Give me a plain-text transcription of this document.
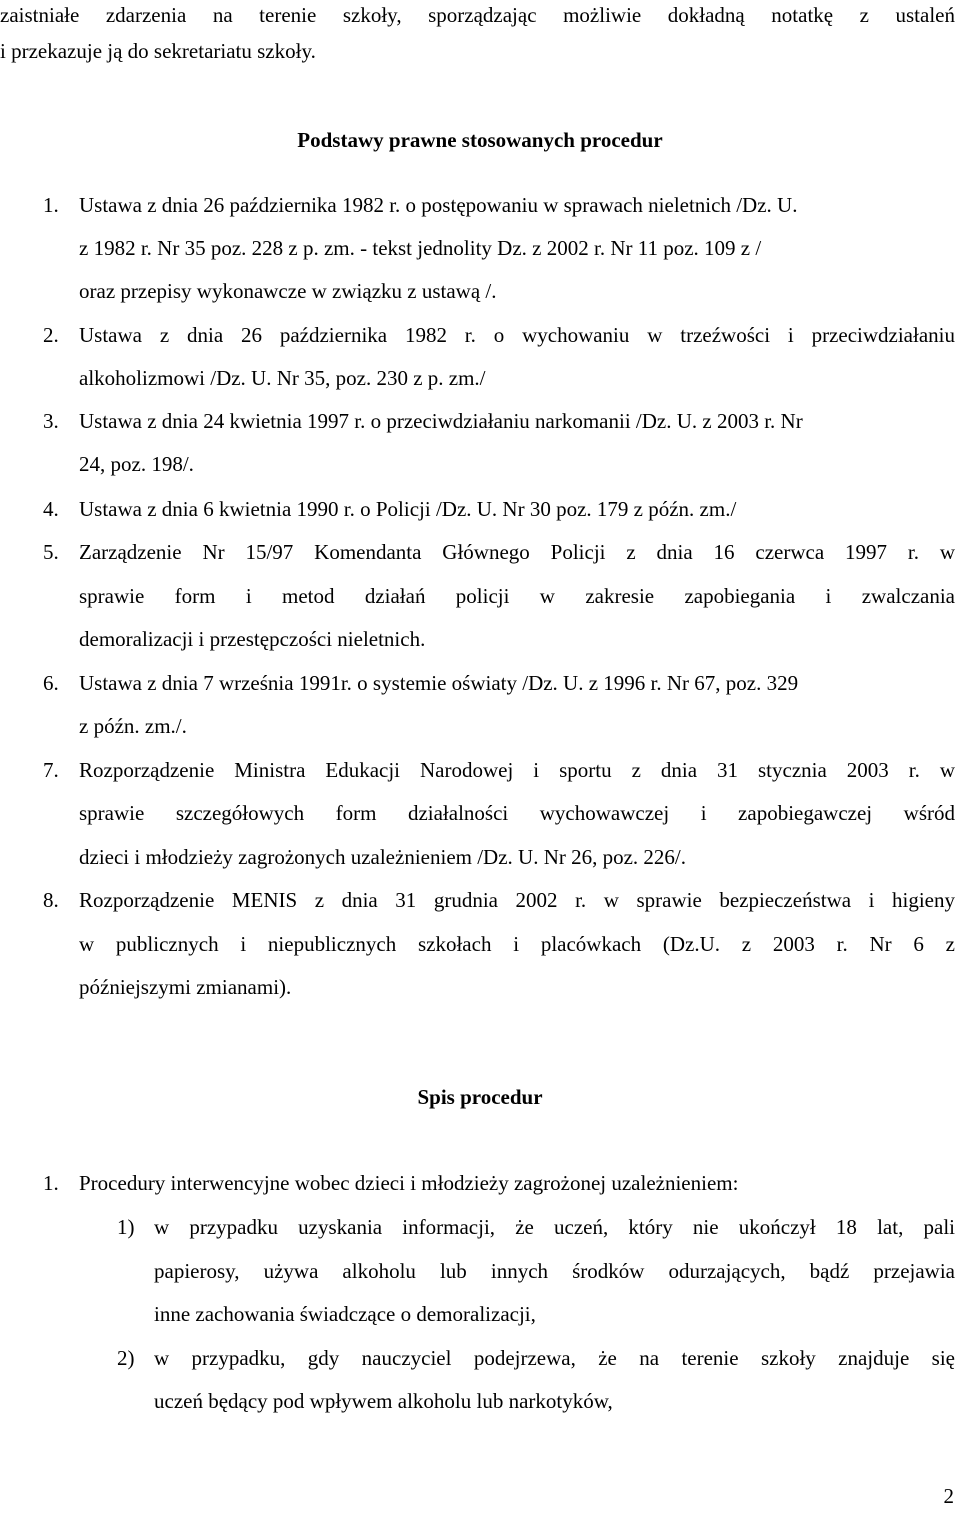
zaistniałe zdarzenia na terenie szkoły, sporządzając możliwie dokładną notatkę z ustaleń
i przekazuje ją do sekretariatu szkoły.
Podstawy prawne stosowanych procedur
1. Ustawa z dnia 26 października 1982 r. o postępowaniu w sprawach nieletnich /Dz. U.
z 1982 r. Nr 35 poz. 228 z p. zm. - tekst jednolity Dz. z 2002 r. Nr 11 poz. 109 z /
oraz przepisy wykonawcze w związku z ustawą /.
2. Ustawa z dnia 26 października 1982 r. o wychowaniu w trzeźwości i przeciwdziałaniu
alkoholizmowi /Dz. U. Nr 35, poz. 230 z p. zm./
3. Ustawa z dnia 24 kwietnia 1997 r. o przeciwdziałaniu narkomanii /Dz. U. z 2003 r. Nr
24, poz. 198/.
4. Ustawa z dnia 6 kwietnia 1990 r. o Policji /Dz. U. Nr 30 poz. 179 z późn. zm./
5. Zarządzenie Nr 15/97 Komendanta Głównego Policji z dnia 16 czerwca 1997 r. w
sprawie form i metod działań policji w zakresie zapobiegania i zwalczania
demoralizacji i przestępczości nieletnich.
6. Ustawa z dnia 7 września 1991r. o systemie oświaty /Dz. U. z 1996 r. Nr 67, poz. 329
z późn. zm./.
7. Rozporządzenie Ministra Edukacji Narodowej i sportu z dnia 31 stycznia 2003 r. w
sprawie szczegółowych form działalności wychowawczej i zapobiegawczej wśród
dzieci i młodzieży zagrożonych uzależnieniem /Dz. U. Nr 26, poz. 226/.
8. Rozporządzenie MENIS z dnia 31 grudnia 2002 r. w sprawie bezpieczeństwa i higieny
w publicznych i niepublicznych szkołach i placówkach (Dz.U. z 2003 r. Nr 6 z
późniejszymi zmianami).
Spis procedur
1. Procedury interwencyjne wobec dzieci i młodzieży zagrożonej uzależnieniem:
1) w przypadku uzyskania informacji, że uczeń, który nie ukończył 18 lat, pali
papierosy, używa alkoholu lub innych środków odurzających, bądź przejawia
inne zachowania świadczące o demoralizacji,
2) w przypadku, gdy nauczyciel podejrzewa, że na terenie szkoły znajduje się
uczeń będący pod wpływem alkoholu lub narkotyków,
2
